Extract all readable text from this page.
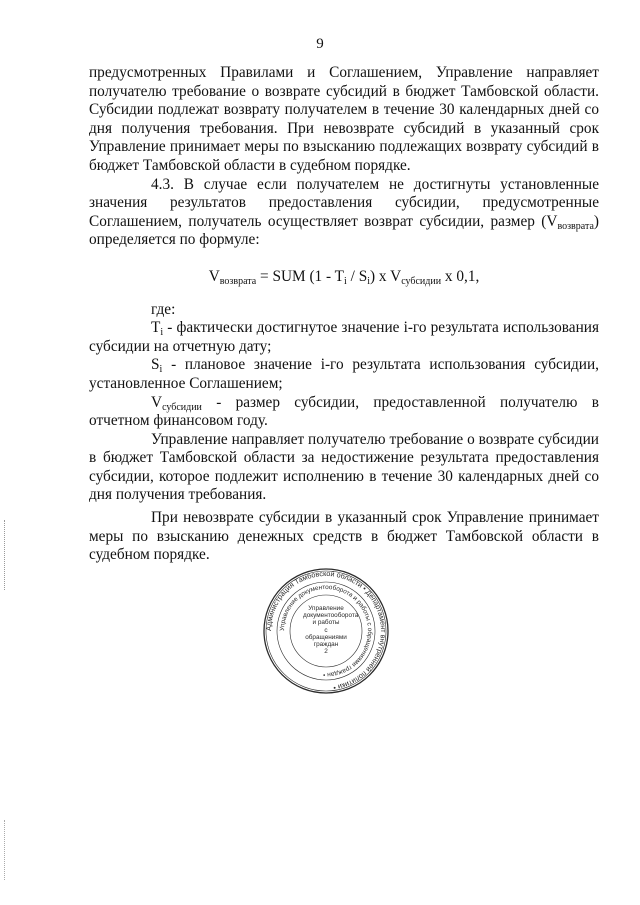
9

предусмотренных Правилами и Соглашением, Управление направляет получателю требование о возврате субсидий в бюджет Тамбовской области. Субсидии подлежат возврату получателем в течение 30 календарных дней со дня получения требования. При невозврате субсидий в указанный срок Управление принимает меры по взысканию подлежащих возврату субсидий в бюджет Тамбовской области в судебном порядке.

4.3. В случае если получателем не достигнуты установленные значения результатов предоставления субсидии, предусмотренные Соглашением, получатель осуществляет возврат субсидии, размер $(V_{возврата})$ определяется по формуле:

$V_{возврата}$ = SUM $(1 - T_i / S_i)$ x $V_{субсидии}$ x 0,1,

где:

$T_i$ - фактически достигнутое значение i-го результата использования субсидии на отчетную дату;

$S_i$ - плановое значение i-го результата использования субсидии, установленное Соглашением;

$V_{субсидии}$ - размер субсидии, предоставленной получателю в отчетном финансовом году.

Управление направляет получателю требование о возврате субсидии в бюджет Тамбовской области за недостижение результата предоставления субсидии, которое подлежит исполнению в течение 30 календарных дней со дня получения требования.

При невозврате субсидии в указанный срок Управление принимает меры по взысканию денежных средств в бюджет Тамбовской области в судебном порядке.

Администрация Тамбовской области • Департамент внутренней политики •
Управление документооборота и работы с обращениями граждан •
Управление
документооборота
и работы
с обращениями
граждан
2
